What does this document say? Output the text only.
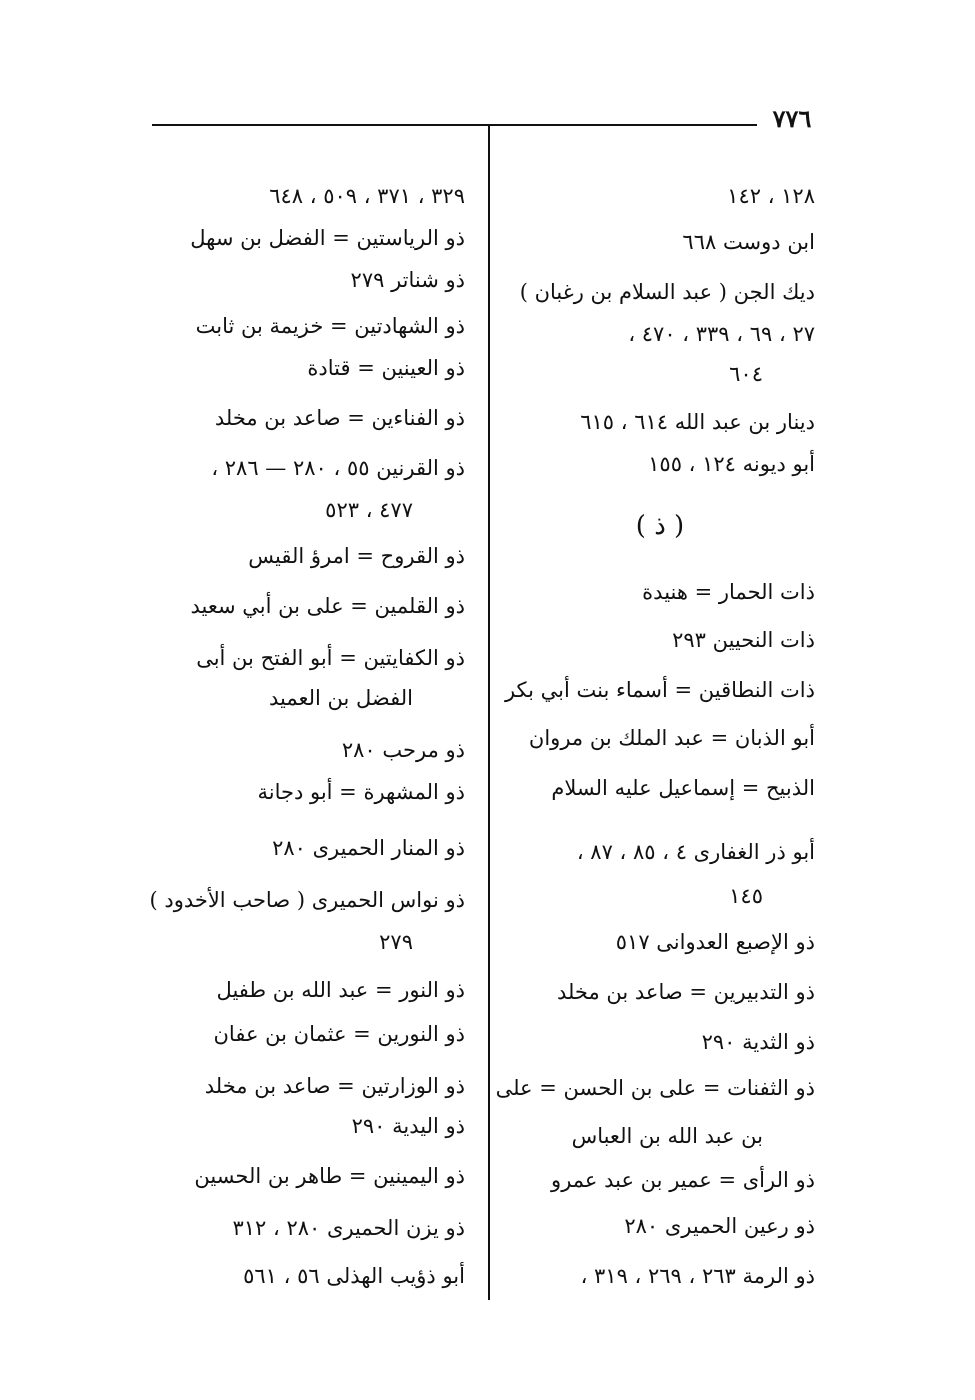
٧٧٦
١٢٨ ، ١٤٢
ابن دوست ٦٦٨
ديك الجن ( عبد السلام بن رغبان )
٢٧ ، ٦٩ ، ٣٣٩ ، ٤٧٠ ،
٦٠٤
دينار بن عبد الله ٦١٤ ، ٦١٥
أبو ديونه ١٢٤ ، ١٥٥
( ذ )
ذات الحمار = هنيدة
ذات النحيين ٢٩٣
ذات النطاقين = أسماء بنت أبي بكر
أبو الذبان = عبد الملك بن مروان
الذبيح = إسماعيل عليه السلام
أبو ذر الغفارى ٤ ، ٨٥ ، ٨٧ ،
١٤٥
ذو الإصبع العدوانى ٥١٧
ذو التدبيرين = صاعد بن مخلد
ذو الثدية ٢٩٠
ذو الثفنات = على بن الحسن = على
بن عبد الله بن العباس
ذو الرأى = عمير بن عبد عمرو
ذو رعين الحميرى ٢٨٠
ذو الرمة ٢٦٣ ، ٢٦٩ ، ٣١٩ ،
٣٢٩ ، ٣٧١ ، ٥٠٩ ، ٦٤٨
ذو الرياستين = الفضل بن سهل
ذو شناتر ٢٧٩
ذو الشهادتين = خزيمة بن ثابت
ذو العينين = قتادة
ذو الفناءين = صاعد بن مخلد
ذو القرنين ٥٥ ، ٢٨٠ — ٢٨٦ ،
٤٧٧ ، ٥٢٣
ذو القروح = امرؤ القيس
ذو القلمين = على بن أبي سعيد
ذو الكفايتين = أبو الفتح بن أبى
الفضل بن العميد
ذو مرحب ٢٨٠
ذو المشهرة = أبو دجانة
ذو المنار الحميرى ٢٨٠
ذو نواس الحميرى ( صاحب الأخدود )
٢٧٩
ذو النور = عبد الله بن طفيل
ذو النورين = عثمان بن عفان
ذو الوزارتين = صاعد بن مخلد
ذو اليدية ٢٩٠
ذو اليمينين = طاهر بن الحسين
ذو يزن الحميرى ٢٨٠ ، ٣١٢
أبو ذؤيب الهذلى ٥٦ ، ٥٦١
